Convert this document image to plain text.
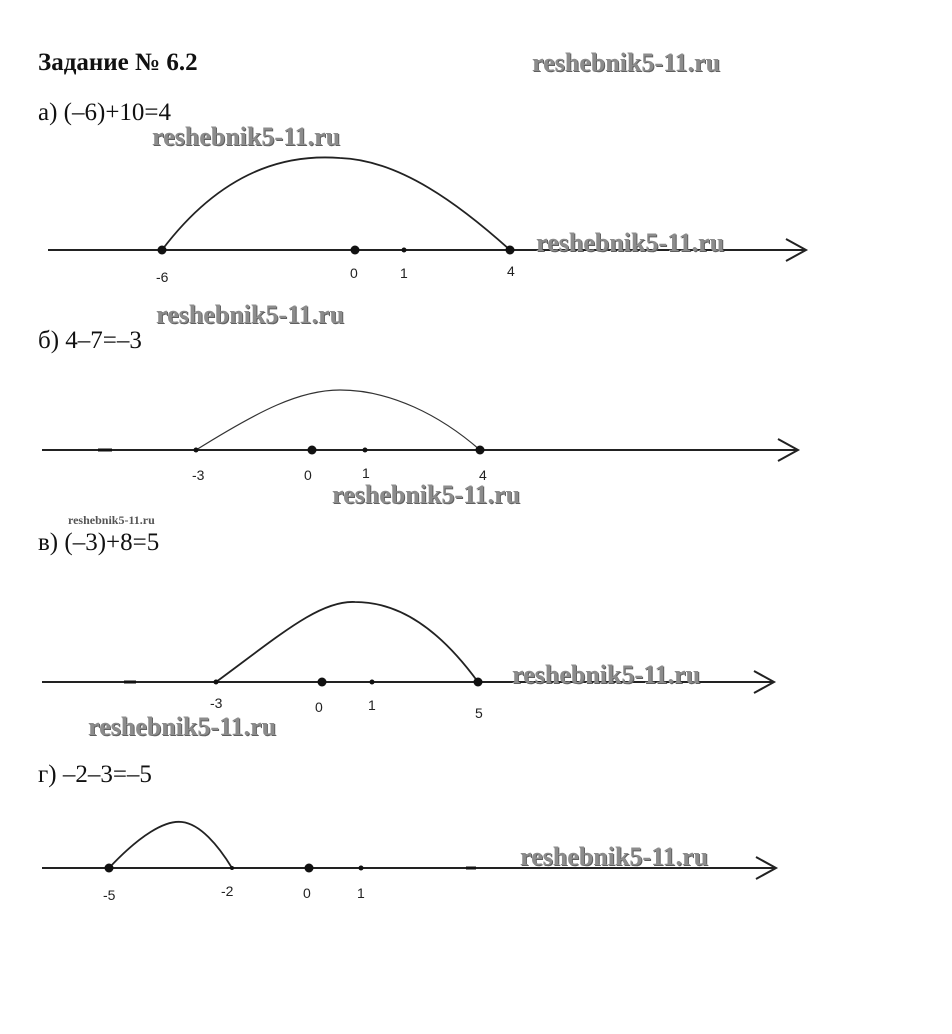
Задание № 6.2
а) (–6)+10=4
-6	0	1	4
б) 4–7=–3
-3	0	1	4
в) (–3)+8=5
-3	0	1	5
г) –2–3=–5
-5	-2	0	1
reshebnik5-11.ru
reshebnik5-11.ru
reshebnik5-11.ru
reshebnik5-11.ru
reshebnik5-11.ru
reshebnik5-11.ru
reshebnik5-11.ru
reshebnik5-11.ru
reshebnik5-11.ru
